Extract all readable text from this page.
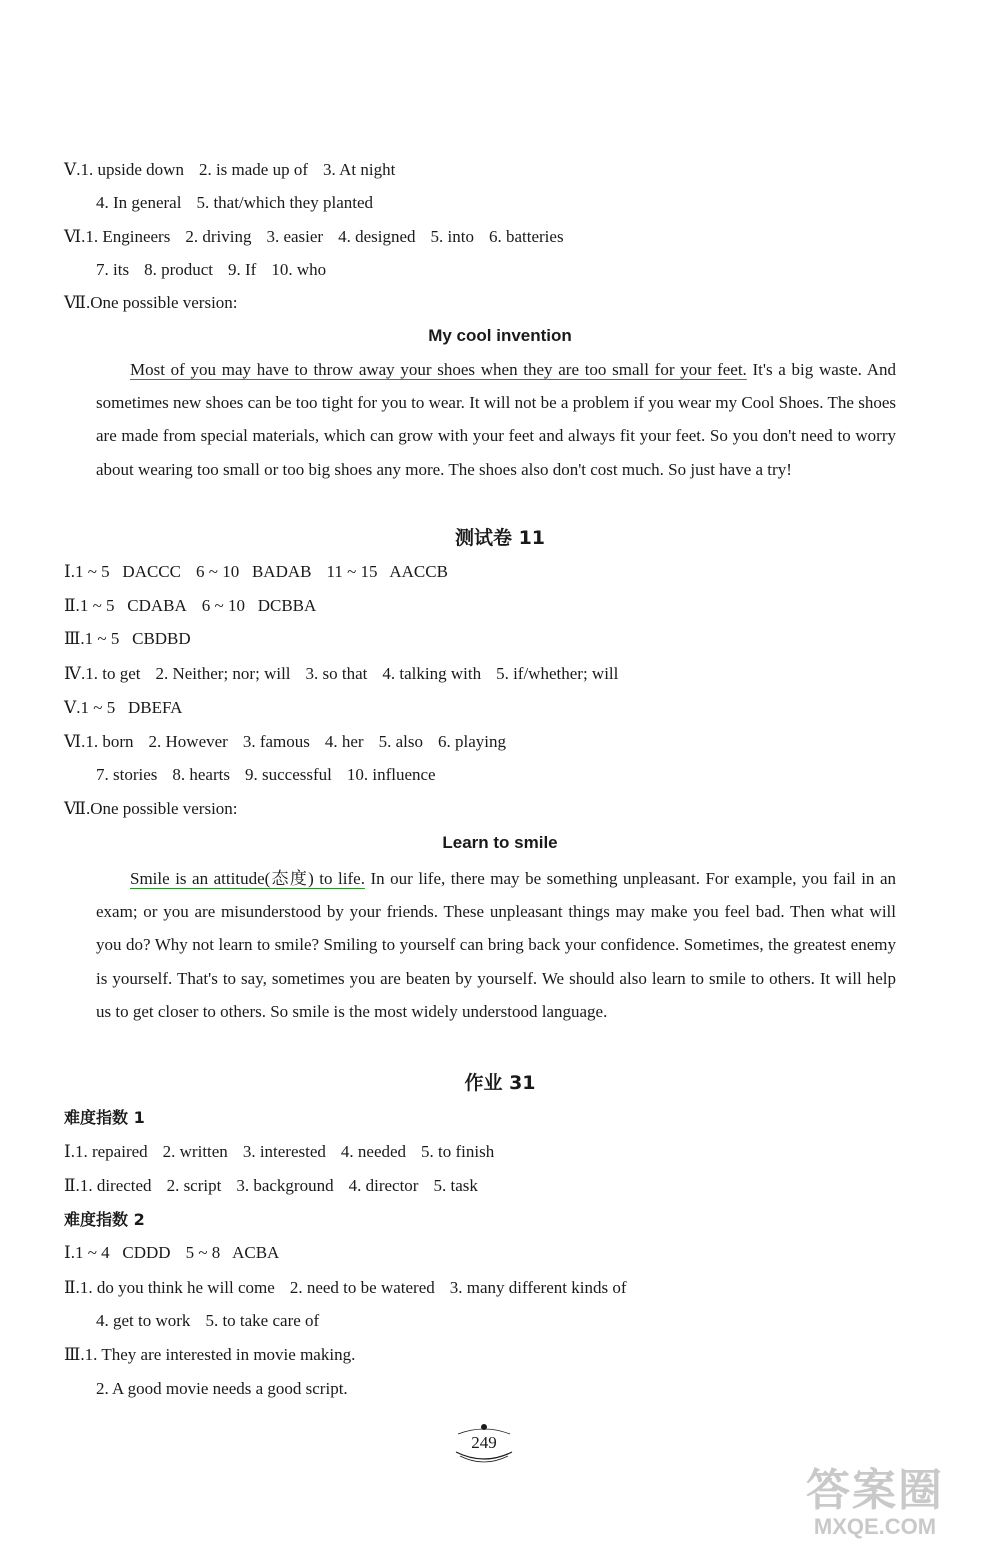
Ⅴ.1. upside down 2. is made up of 3. At night
4. In general 5. that/which they planted
Ⅵ.1. Engineers 2. driving 3. easier 4. designed 5. into 6. batteries
7. its 8. product 9. If 10. who
Ⅶ.One possible version:
My cool invention

Most of you may have to throw away your shoes when they are too small for your feet. It's a big waste. And sometimes new shoes can be too tight for you to wear. It will not be a problem if you wear my Cool Shoes. The shoes are made from special materials, which can grow with your feet and always fit your feet. So you don't need to worry about wearing too small or too big shoes any more. The shoes also don't cost much. So just have a try!

测试卷 11
Ⅰ.1 ~ 5   DACCC 6 ~ 10   BADAB 11 ~ 15   AACCB
Ⅱ.1 ~ 5   CDABA 6 ~ 10   DCBBA
Ⅲ.1 ~ 5   CBDBD
Ⅳ.1. to get 2. Neither; nor; will 3. so that 4. talking with 5. if/whether; will
Ⅴ.1 ~ 5   DBEFA
Ⅵ.1. born 2. However 3. famous 4. her 5. also 6. playing
7. stories 8. hearts 9. successful 10. influence
Ⅶ.One possible version:
Learn to smile

Smile is an attitude(态度) to life. In our life, there may be something unpleasant. For example, you fail in an exam; or you are misunderstood by your friends. These unpleasant things may make you feel bad. Then what will you do? Why not learn to smile? Smiling to yourself can bring back your confidence. Sometimes, the greatest enemy is yourself. That's to say, sometimes you are beaten by yourself. We should also learn to smile to others. It will help us to get closer to others. So smile is the most widely understood language.

作业 31
难度指数 1
Ⅰ.1. repaired 2. written 3. interested 4. needed 5. to finish
Ⅱ.1. directed 2. script 3. background 4. director 5. task
难度指数 2
Ⅰ.1 ~ 4   CDDD 5 ~ 8   ACBA
Ⅱ.1. do you think he will come 2. need to be watered 3. many different kinds of
4. get to work 5. to take care of
Ⅲ.1. They are interested in movie making.
2. A good movie needs a good script.
249
答案圈
MXQE.COM
